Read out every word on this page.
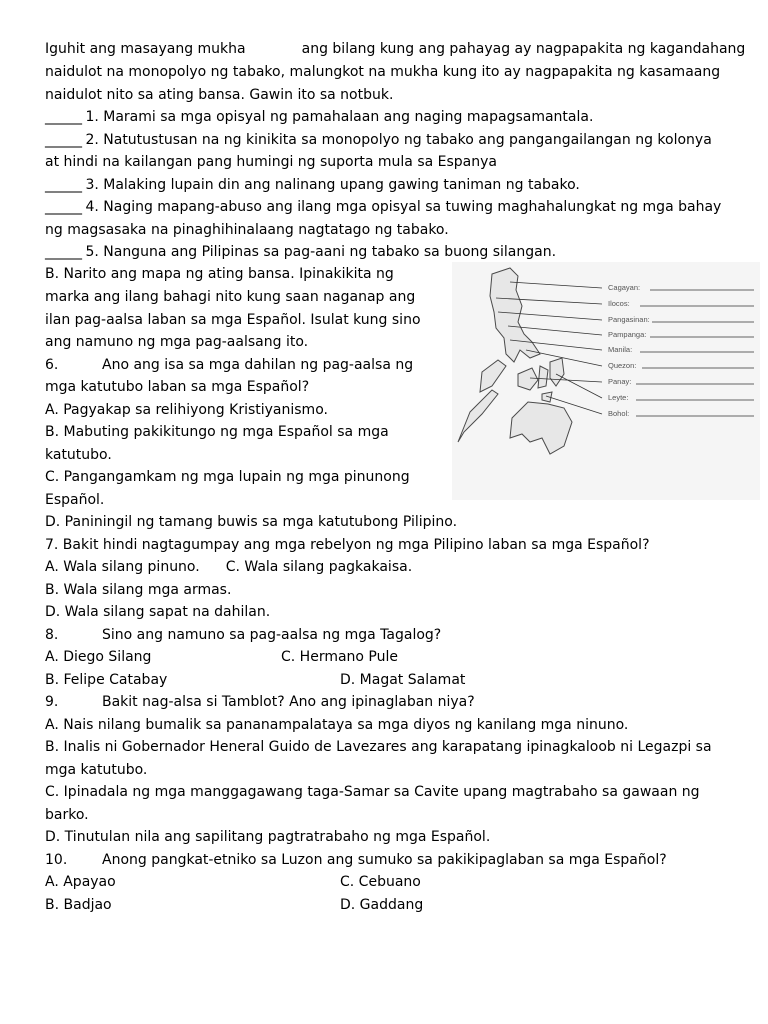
Iguhit ang masayang mukha	ang bilang kung ang pahayag ay nagpapakita ng kagandahang
naidulot na monopolyo ng tabako, malungkot na mukha kung ito ay nagpapakita ng kasamaang
naidulot nito sa ating bansa. Gawin ito sa notbuk.
______ 1. Marami sa mga opisyal ng pamahalaan ang naging mapagsamantala.
______ 2. Natutustusan na ng kinikita sa monopolyo ng tabako ang pangangailangan ng kolonya
at hindi na kailangan pang humingi ng suporta mula sa Espanya
______ 3. Malaking lupain din ang nalinang upang gawing taniman ng tabako.
______ 4. Naging mapang-abuso ang ilang mga opisyal sa tuwing maghahalungkat ng mga bahay
ng magsasaka na pinaghihinalaang nagtatago ng tabako.
______ 5. Nanguna ang Pilipinas sa pag-aani ng tabako sa buong silangan.
B. Narito ang mapa ng ating bansa. Ipinakikita ng
marka ang ilang bahagi nito kung saan naganap ang
ilan pag-aalsa laban sa mga Español. Isulat kung sino
ang namuno ng mga pag-aalsang ito.
Cagayan:
Ilocos:
Pangasinan:
Pampanga:
Manila:
Quezon:
Panay:
Leyte:
Bohol:
6.	Ano ang isa sa mga dahilan ng pag-aalsa ng
mga katutubo laban sa mga Español?
A. Pagyakap sa relihiyong Kristiyanismo.
B. Mabuting pakikitungo ng mga Español sa mga
katutubo.
C. Pangangamkam ng mga lupain ng mga pinunong
Español.
D. Paniningil ng tamang buwis sa mga katutubong Pilipino.
7. Bakit hindi nagtagumpay ang mga rebelyon ng mga Pilipino laban sa mga Español?
A. Wala silang pinuno. C. Wala silang pagkakaisa.
B. Wala silang mga armas.
D. Wala silang sapat na dahilan.
8.	Sino ang namuno sa pag-aalsa ng mga Tagalog?
A. Diego Silang	C. Hermano Pule
B. Felipe Catabay	D. Magat Salamat
9.	Bakit nag-alsa si Tamblot? Ano ang ipinaglaban niya?
A. Nais nilang bumalik sa pananampalataya sa mga diyos ng kanilang mga ninuno.
B. Inalis ni Gobernador Heneral Guido de Lavezares ang karapatang ipinagkaloob ni Legazpi sa
mga katutubo.
C. Ipinadala ng mga manggagawang taga-Samar sa Cavite upang magtrabaho sa gawaan ng
barko.
D. Tinutulan nila ang sapilitang pagtratrabaho ng mga Español.
10. Anong pangkat-etniko sa Luzon ang sumuko sa pakikipaglaban sa mga Español?
A. Apayao	C. Cebuano
B. Badjao	D. Gaddang
